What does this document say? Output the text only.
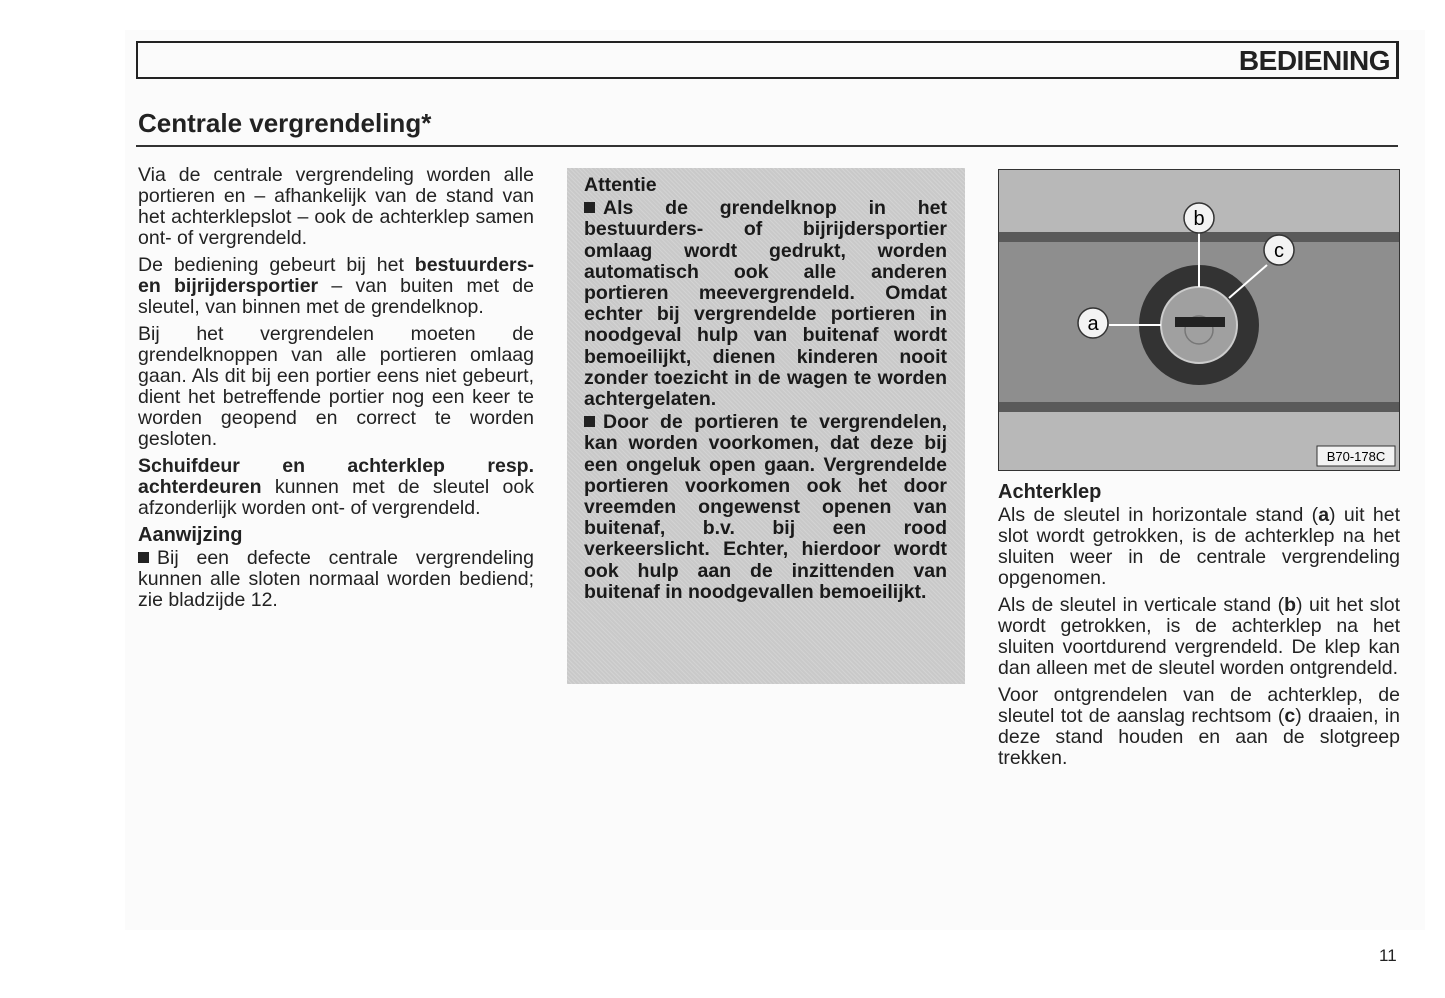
BEDIENING
Centrale vergrendeling*

Via de centrale vergrendeling worden alle portieren en – afhankelijk van de stand van het achterklepslot – ook de achterklep samen ont- of vergrendeld.

De bediening gebeurt bij het bestuurders- en bijrijdersportier – van buiten met de sleutel, van binnen met de grendelknop.

Bij het vergrendelen moeten de grendelknoppen van alle portieren omlaag gaan. Als dit bij een portier eens niet gebeurt, dient het betreffende portier nog een keer te worden geopend en correct te worden gesloten.

Schuifdeur en achterklep resp. achterdeuren kunnen met de sleutel ook afzonderlijk worden ont- of vergrendeld.

Aanwijzing

Bij een defecte centrale vergrendeling kunnen alle sloten normaal worden bediend; zie bladzijde 12.

Attentie

Als de grendelknop in het bestuurders- of bijrijdersportier omlaag wordt gedrukt, worden automatisch ook alle anderen portieren meevergrendeld. Omdat echter bij vergrendelde portieren in noodgeval hulp van buitenaf wordt bemoeilijkt, dienen kinderen nooit zonder toezicht in de wagen te worden achtergelaten.

Door de portieren te vergrendelen, kan worden voorkomen, dat deze bij een ongeluk open gaan. Vergrendelde portieren voorkomen ook het door vreemden ongewenst openen van buitenaf, b.v. bij een rood verkeerslicht. Echter, hierdoor wordt ook hulp aan de inzittenden van buitenaf in noodgevallen bemoeilijkt.

b
c
a
B70-178C
Achterklep

Als de sleutel in horizontale stand (a) uit het slot wordt getrokken, is de achterklep na het sluiten weer in de centrale vergrendeling opgenomen.

Als de sleutel in verticale stand (b) uit het slot wordt getrokken, is de achterklep na het sluiten voortdurend vergrendeld. De klep kan dan alleen met de sleutel worden ontgrendeld.

Voor ontgrendelen van de achterklep, de sleutel tot de aanslag rechtsom (c) draaien, in deze stand houden en aan de slotgreep trekken.

11
